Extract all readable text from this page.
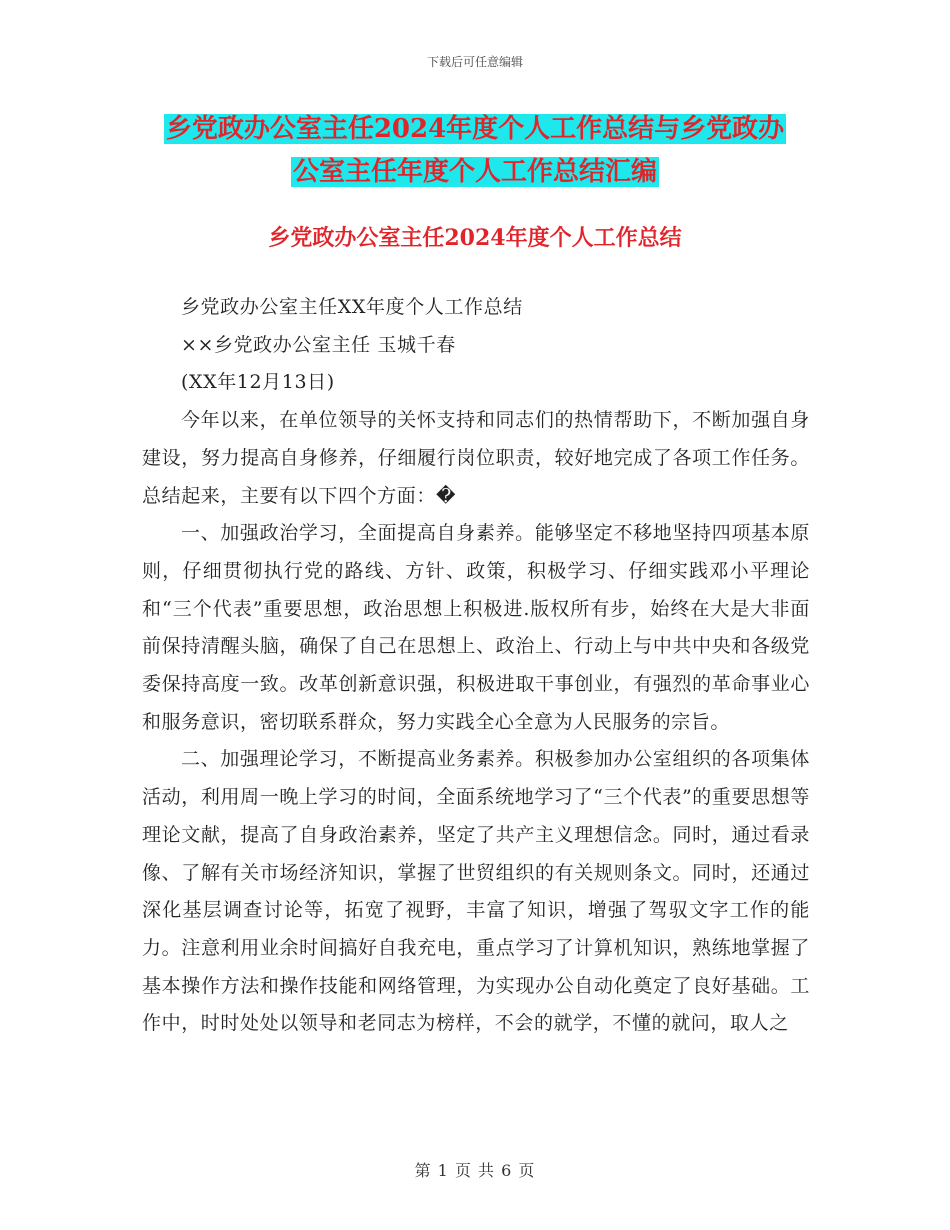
下载后可任意编辑
乡党政办公室主任2024年度个人工作总结与乡党政办
公室主任年度个人工作总结汇编
乡党政办公室主任2024年度个人工作总结

乡党政办公室主任XX年度个人工作总结

××乡党政办公室主任 玉城千春

(XX年12月13日)

今年以来，在单位领导的关怀支持和同志们的热情帮助下，不断加强自身建设，努力提高自身修养，仔细履行岗位职责，较好地完成了各项工作任务。总结起来，主要有以下四个方面：�

一、加强政治学习，全面提高自身素养。能够坚定不移地坚持四项基本原则，仔细贯彻执行党的路线、方针、政策，积极学习、仔细实践邓小平理论和“三个代表”重要思想，政治思想上积极进.版权所有步，始终在大是大非面前保持清醒头脑，确保了自己在思想上、政治上、行动上与中共中央和各级党委保持高度一致。改革创新意识强，积极进取干事创业，有强烈的革命事业心和服务意识，密切联系群众，努力实践全心全意为人民服务的宗旨。

二、加强理论学习，不断提高业务素养。积极参加办公室组织的各项集体活动，利用周一晚上学习的时间，全面系统地学习了“三个代表”的重要思想等理论文献，提高了自身政治素养，坚定了共产主义理想信念。同时，通过看录像、了解有关市场经济知识，掌握了世贸组织的有关规则条文。同时，还通过深化基层调查讨论等，拓宽了视野，丰富了知识，增强了驾驭文字工作的能力。注意利用业余时间搞好自我充电，重点学习了计算机知识，熟练地掌握了基本操作方法和操作技能和网络管理，为实现办公自动化奠定了良好基础。工作中，时时处处以领导和老同志为榜样，不会的就学，不懂的就问，取人之

第 1 页 共 6 页
